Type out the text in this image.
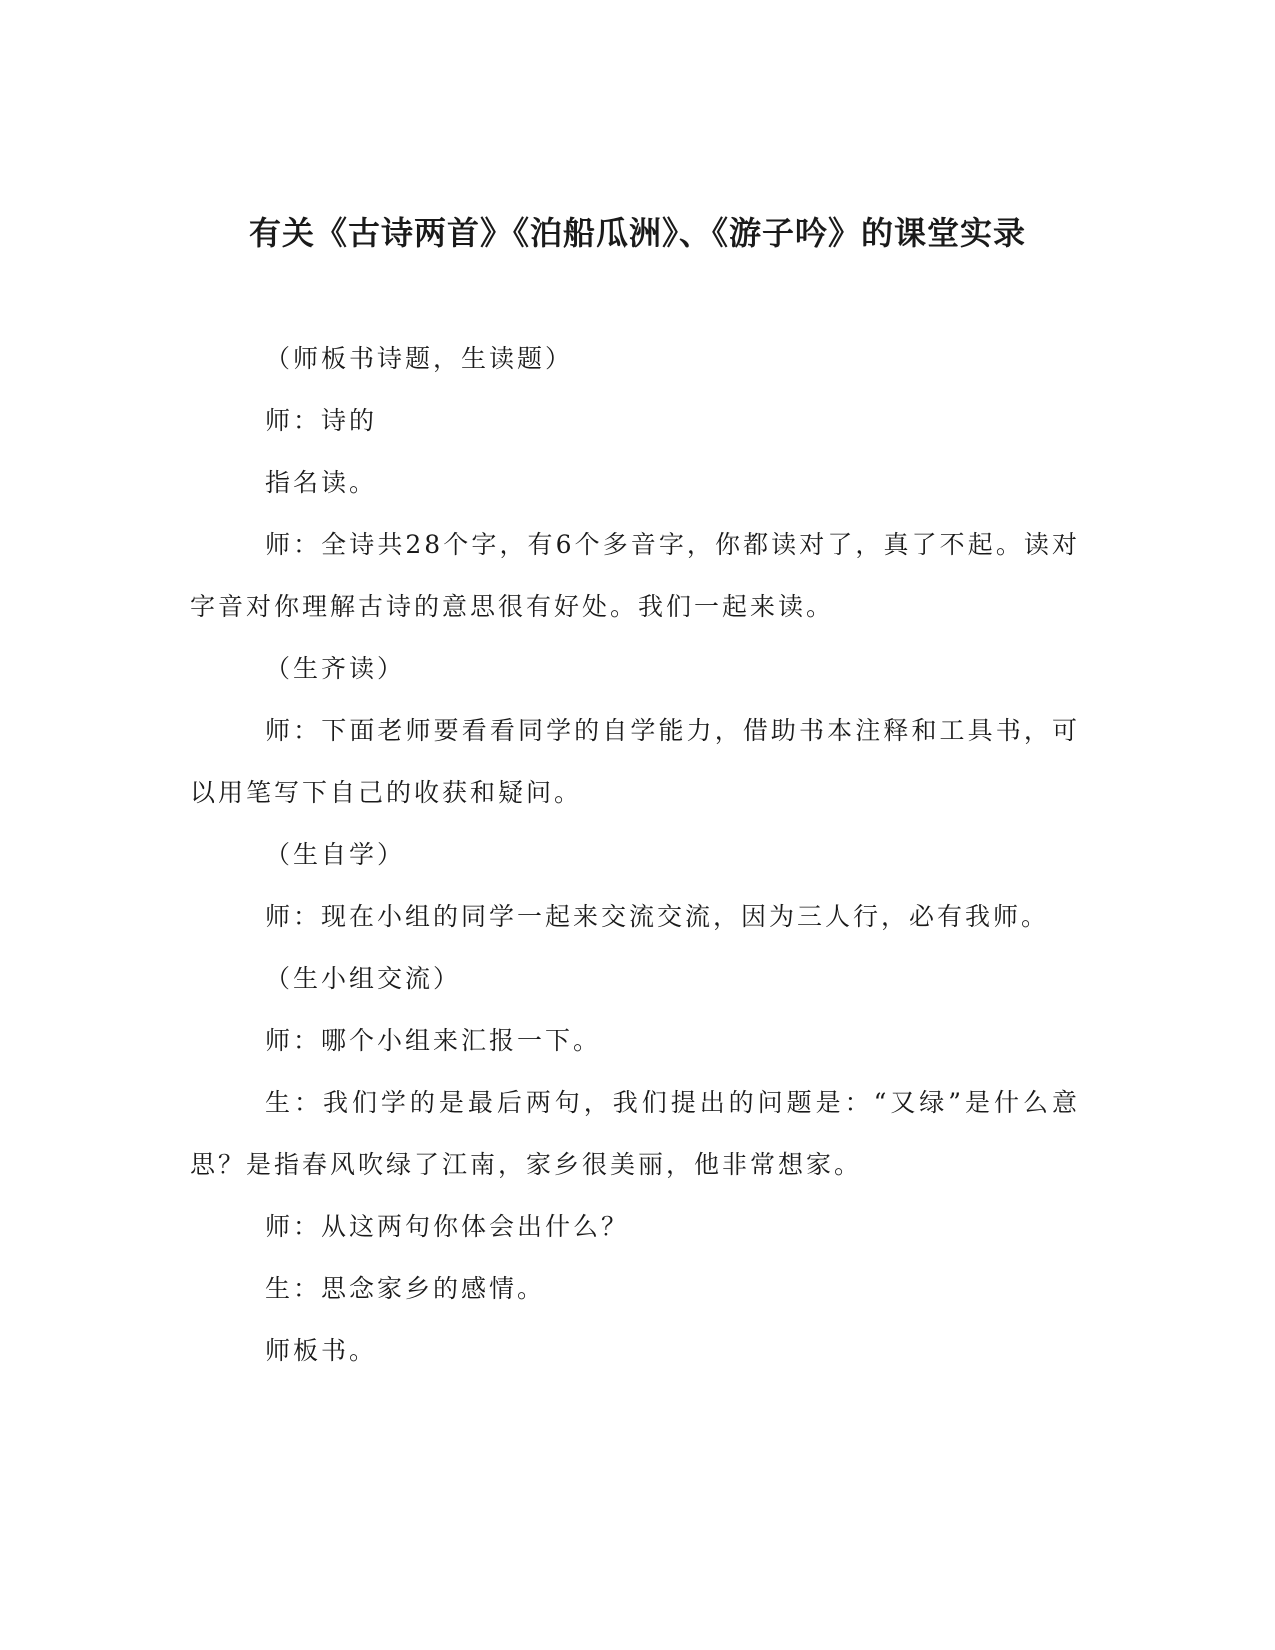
有关《古诗两首》《泊船瓜洲》、《游子吟》的课堂实录

（师板书诗题，生读题）

师：诗的

指名读。

师：全诗共28个字，有6个多音字，你都读对了，真了不起。读对字音对你理解古诗的意思很有好处。我们一起来读。

（生齐读）

师：下面老师要看看同学的自学能力，借助书本注释和工具书，可以用笔写下自己的收获和疑问。

（生自学）

师：现在小组的同学一起来交流交流，因为三人行，必有我师。

（生小组交流）

师：哪个小组来汇报一下。

生：我们学的是最后两句，我们提出的问题是：“又绿”是什么意思？是指春风吹绿了江南，家乡很美丽，他非常想家。

师：从这两句你体会出什么？

生：思念家乡的感情。

师板书。
